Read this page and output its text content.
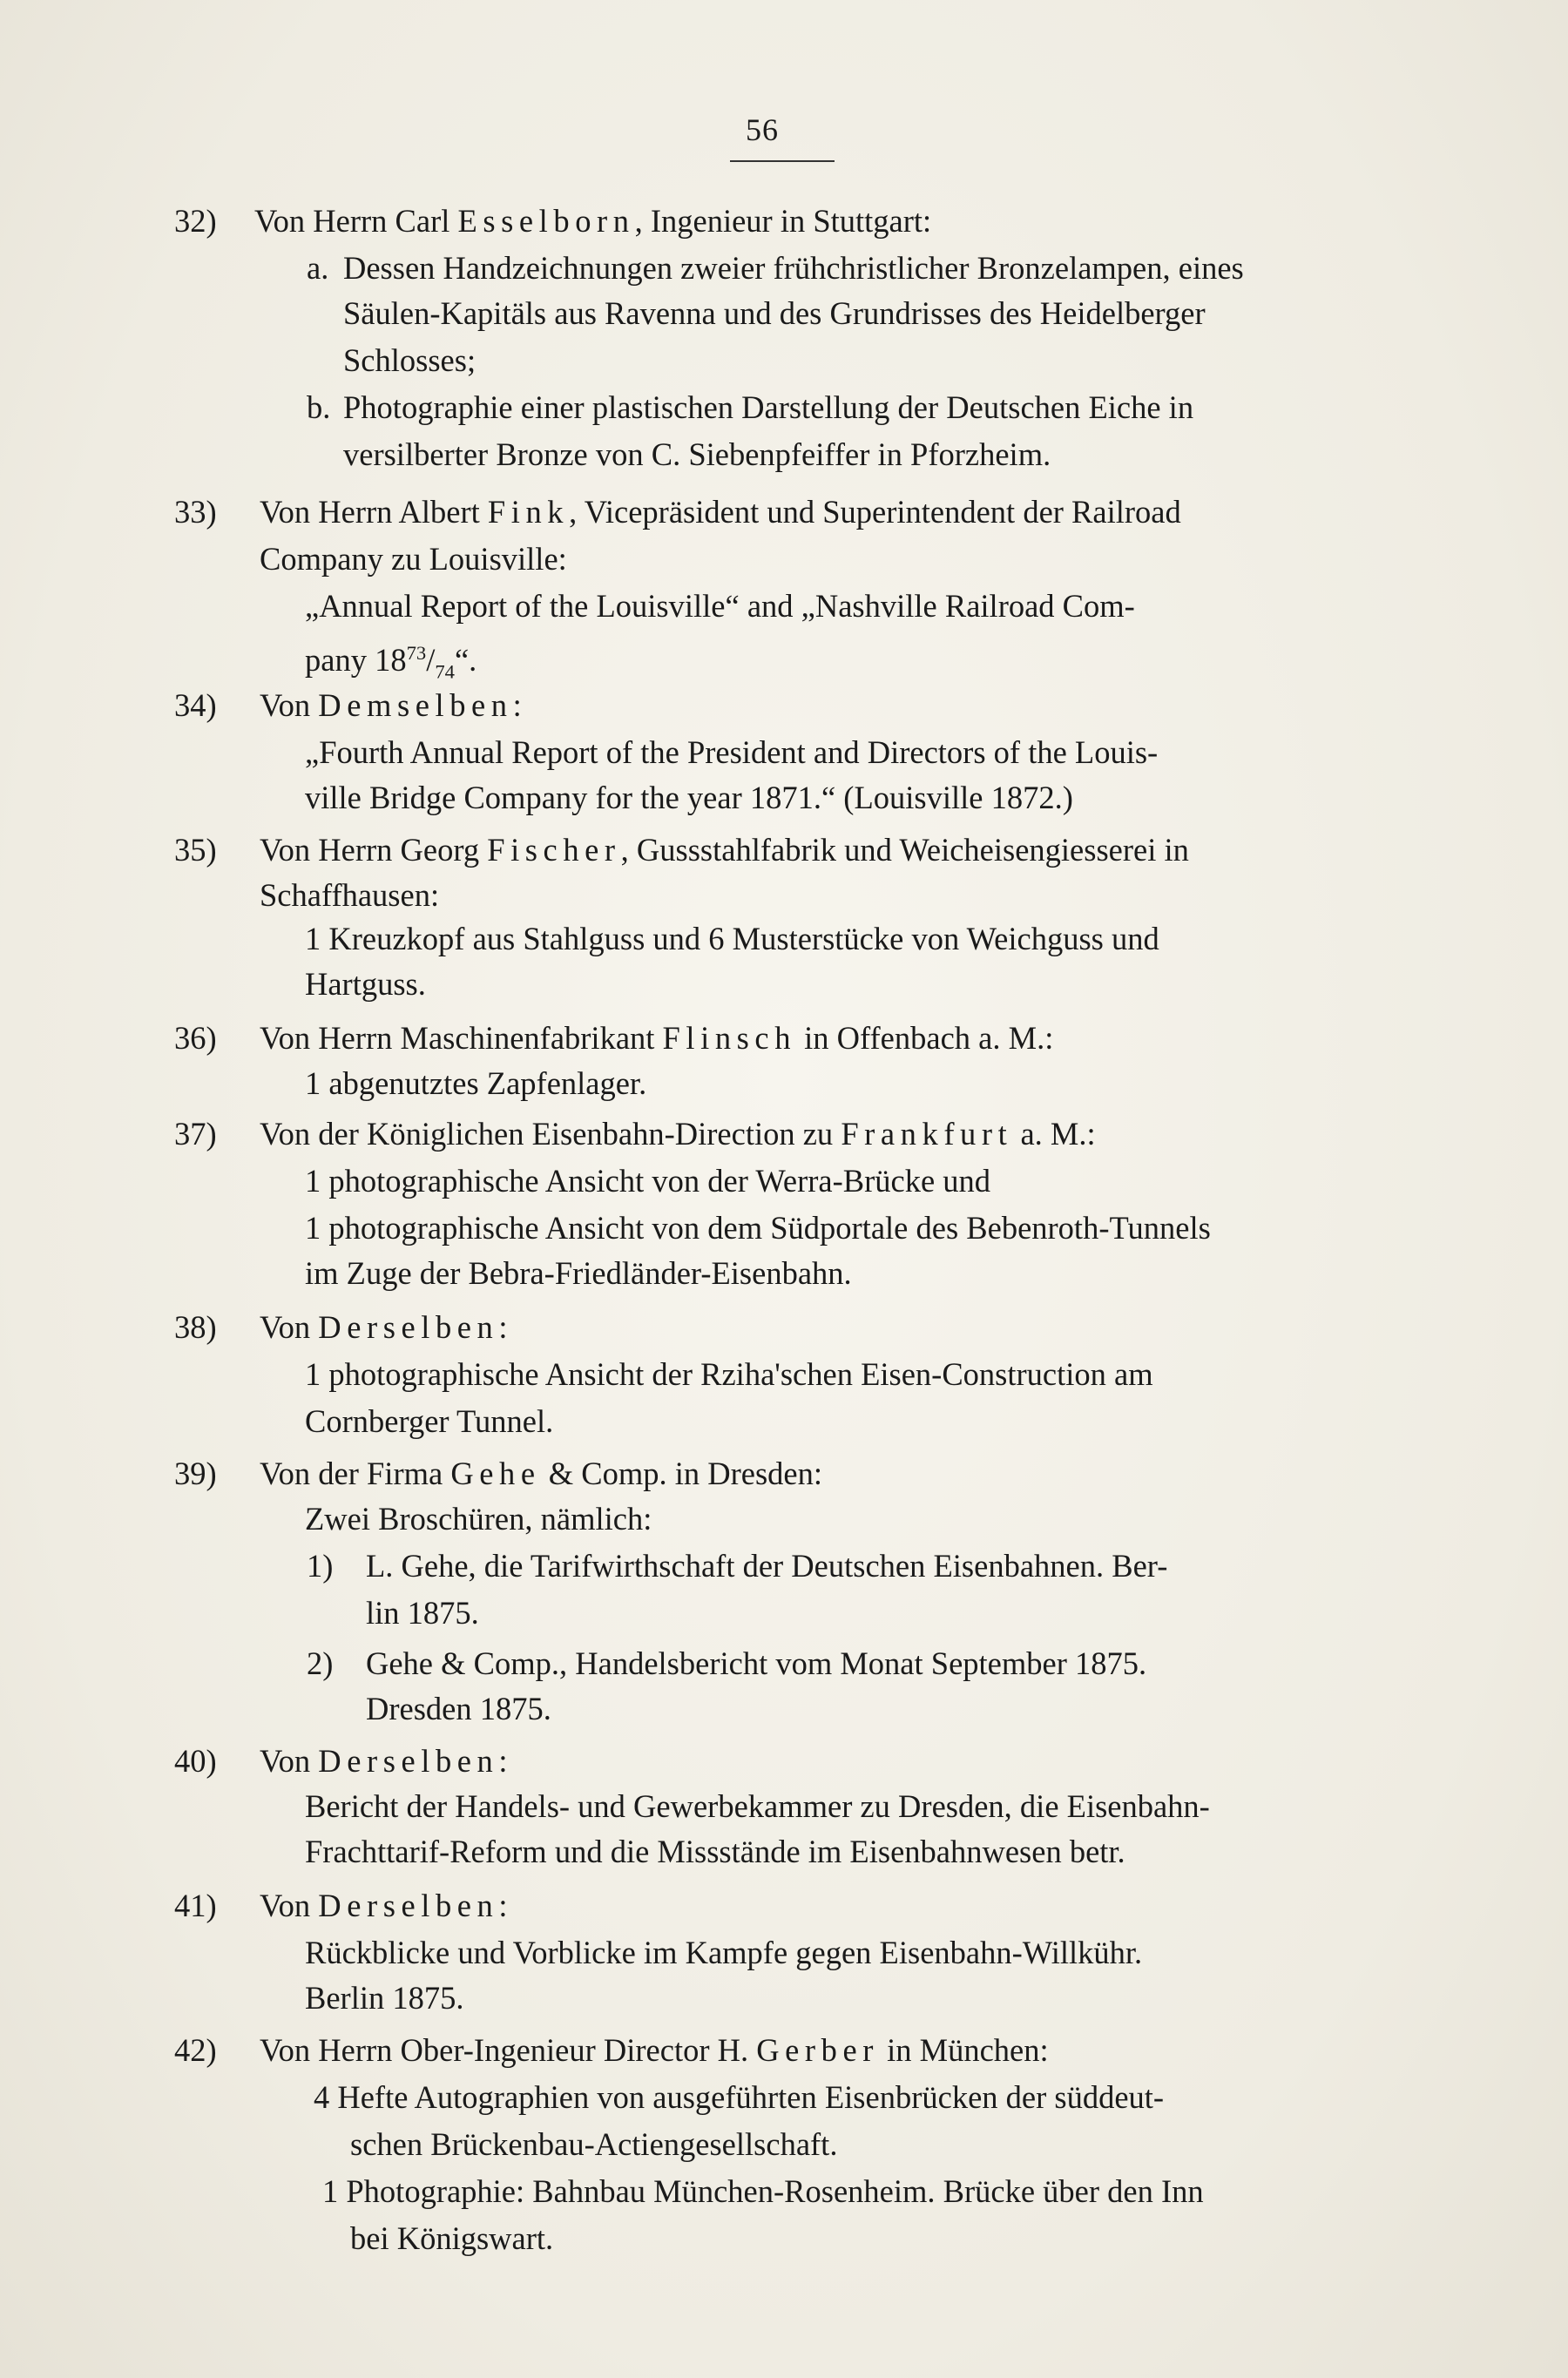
56
32) Von Herrn Carl Esselborn, Ingenieur in Stuttgart:
a. Dessen Handzeichnungen zweier frühchristlicher Bronzelampen, eines
Säulen-Kapitäls aus Ravenna und des Grundrisses des Heidelberger
Schlosses;
b. Photographie einer plastischen Darstellung der Deutschen Eiche in
versilberter Bronze von C. Siebenpfeiffer in Pforzheim.
33) Von Herrn Albert Fink, Vicepräsident und Superintendent der Railroad
Company zu Louisville:
„Annual Report of the Louisville“ and „Nashville Railroad Com-
pany $18^{73}/_{74}“$.
34) Von Demselben:
„Fourth Annual Report of the President and Directors of the Louis-
ville Bridge Company for the year 1871.“ (Louisville 1872.)
35) Von Herrn Georg Fischer, Gussstahlfabrik und Weicheisengiesserei in
Schaffhausen:
1 Kreuzkopf aus Stahlguss und 6 Musterstücke von Weichguss und
Hartguss.
36) Von Herrn Maschinenfabrikant Flinsch in Offenbach a. M.:
1 abgenutztes Zapfenlager.
37) Von der Königlichen Eisenbahn-Direction zu Frankfurt a. M.:
1 photographische Ansicht von der Werra-Brücke und
1 photographische Ansicht von dem Südportale des Bebenroth-Tunnels
im Zuge der Bebra-Friedländer-Eisenbahn.
38) Von Derselben:
1 photographische Ansicht der Rziha'schen Eisen-Construction am
Cornberger Tunnel.
39) Von der Firma Gehe & Comp. in Dresden:
Zwei Broschüren, nämlich:
1) L. Gehe, die Tarifwirthschaft der Deutschen Eisenbahnen. Ber-
lin 1875.
2) Gehe & Comp., Handelsbericht vom Monat September 1875.
Dresden 1875.
40) Von Derselben:
Bericht der Handels- und Gewerbekammer zu Dresden, die Eisenbahn-
Frachttarif-Reform und die Missstände im Eisenbahnwesen betr.
41) Von Derselben:
Rückblicke und Vorblicke im Kampfe gegen Eisenbahn-Willkühr.
Berlin 1875.
42) Von Herrn Ober-Ingenieur Director H. Gerber in München:
4 Hefte Autographien von ausgeführten Eisenbrücken der süddeut-
schen Brückenbau-Actiengesellschaft.
1 Photographie: Bahnbau München-Rosenheim. Brücke über den Inn
bei Königswart.
